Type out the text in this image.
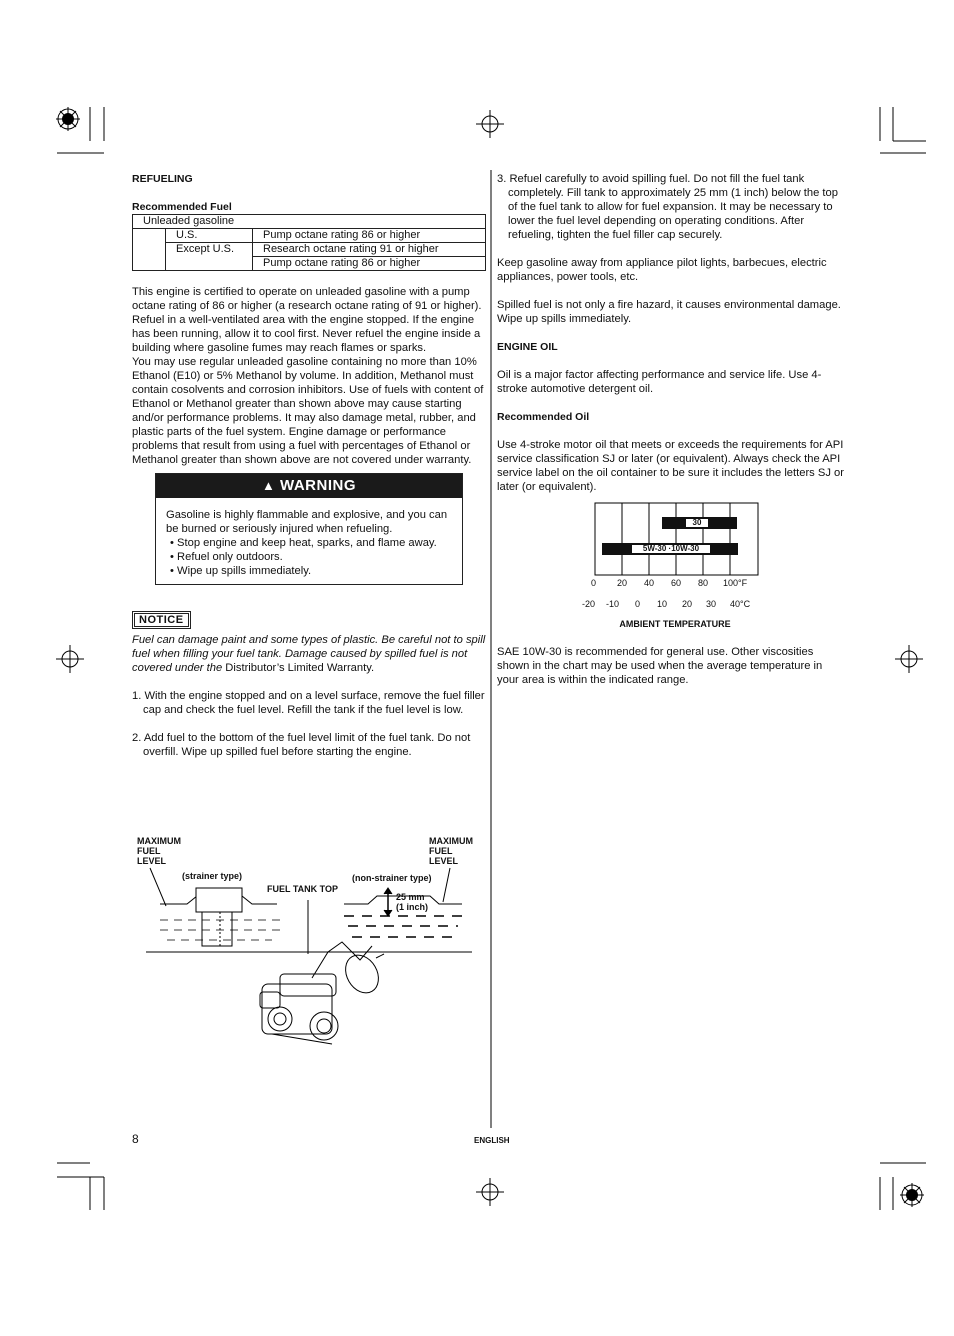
REFUELING
Recommended Fuel
Unleaded gasoline		
	U.S.	Pump octane rating 86 or higher
	Except U.S.	Research octane rating 91 or higher
		Pump octane rating 86 or higher

This engine is certified to operate on unleaded gasoline with a pump octane rating of 86 or higher (a research octane rating of 91 or higher).

Refuel in a well-ventilated area with the engine stopped. If the engine has been running, allow it to cool first. Never refuel the engine inside a building where gasoline fumes may reach flames or sparks.

You may use regular unleaded gasoline containing no more than 10% Ethanol (E10) or 5% Methanol by volume. In addition, Methanol must contain cosolvents and corrosion inhibitors. Use of fuels with content of Ethanol or Methanol greater than shown above may cause starting and/or performance problems. It may also damage metal, rubber, and plastic parts of the fuel system. Engine damage or performance problems that result from using a fuel with percentages of Ethanol or Methanol greater than shown above are not covered under warranty.

▲ WARNING

Gasoline is highly flammable and explosive, and you can be burned or seriously injured when refueling.

• Stop engine and keep heat, sparks, and flame away.
• Refuel only outdoors.
• Wipe up spills immediately.
NOTICE

Fuel can damage paint and some types of plastic. Be careful not to spill fuel when filling your fuel tank. Damage caused by spilled fuel is not covered under the Distributor’s Limited Warranty.

1. With the engine stopped and on a level surface, remove the fuel filler cap and check the fuel level. Refill the tank if the fuel level is low.
2. Add fuel to the bottom of the fuel level limit of the fuel tank. Do not overfill. Wipe up spilled fuel before starting the engine.
MAXIMUM
FUEL
LEVEL
MAXIMUM
FUEL
LEVEL
(strainer type)
FUEL TANK TOP
(non-strainer type)
25 mm
(1 inch)
3. Refuel carefully to avoid spilling fuel. Do not fill the fuel tank completely. Fill tank to approximately 25 mm (1 inch) below the top of the fuel tank to allow for fuel expansion. It may be necessary to lower the fuel level depending on operating conditions. After refueling, tighten the fuel filler cap securely.

Keep gasoline away from appliance pilot lights, barbecues, electric appliances, power tools, etc.

Spilled fuel is not only a fire hazard, it causes environmental damage. Wipe up spills immediately.

ENGINE OIL

Oil is a major factor affecting performance and service life. Use 4-stroke automotive detergent oil.

Recommended Oil

Use 4-stroke motor oil that meets or exceeds the requirements for API service classification SJ or later (or equivalent). Always check the API service label on the oil container to be sure it includes the letters SJ or later (or equivalent).

30
5W-30 ·10W-30
0 20 40 60 80 100°F
-20 -10 0 10 20 30 40°C
AMBIENT TEMPERATURE

SAE 10W-30 is recommended for general use. Other viscosities shown in the chart may be used when the average temperature in your area is within the indicated range.

8	ENGLISH
